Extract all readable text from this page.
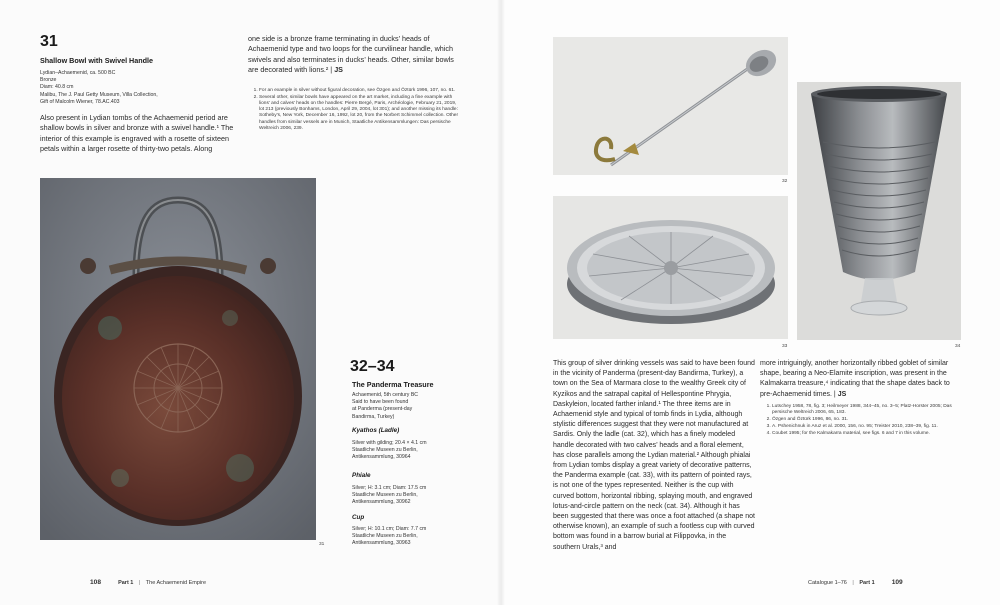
31
Shallow Bowl with Swivel Handle
Lydian–Achaemenid, ca. 500 BC
Bronze
Diam: 40.8 cm
Malibu, The J. Paul Getty Museum, Villa Collection,
Gift of Malcolm Wiener, 78.AC.403
Also present in Lydian tombs of the Achaemenid period are shallow bowls in silver and bronze with a swivel handle.¹ The interior of this example is engraved with a rosette of sixteen petals within a larger rosette of thirty-two petals. Along
one side is a bronze frame terminating in ducks’ heads of Achaemenid type and two loops for the curvilinear handle, which swivels and also terminates in ducks’ heads. Other, similar bowls are decorated with lions.² | JS
1. For an example in silver without figural decoration, see Özgen and Öztürk 1996, 107, no. 61.
2. Several other, similar bowls have appeared on the art market, including a fine example with lions’ and calves’ heads on the handles: Pierre Bergé, Paris, Archéologie, February 21, 2019, lot 213 (previously Bonhams, London, April 29, 2004, lot 301); and another missing its handle: Sotheby’s, New York, December 16, 1992, lot 20, from the Norbert Schimmel collection. Other handles from similar vessels are in Munich, Staatliche Antikensammlungen: Das persische Weltreich 2006, 239.
31
32–34
The Panderma Treasure
Achaemenid, 5th century BC
Said to have been found
at Panderma (present-day
Bandirma, Turkey)
Kyathos (Ladle)
Silver with gilding; 20.4 × 4.1 cm
Staatliche Museen zu Berlin,
Antikensammlung, 30964
Phiale
Silver; H: 3.1 cm; Diam: 17.5 cm
Staatliche Museen zu Berlin,
Antikensammlung, 30962
Cup
Silver; H: 10.1 cm; Diam: 7.7 cm
Staatliche Museen zu Berlin,
Antikensammlung, 30963
108	Part 1 | The Achaemenid Empire
32
33	34
This group of silver drinking vessels was said to have been found in the vicinity of Panderma (present-day Bandirma, Turkey), a town on the Sea of Marmara close to the wealthy Greek city of Kyzikos and the satrapal capital of Hellespontine Phrygia, Daskyleion, located farther inland.¹ The three items are in Achaemenid style and typical of tomb finds in Lydia, although stylistic differences suggest that they were not manufactured at Sardis. Only the ladle (cat. 32), which has a finely modeled handle decorated with two calves’ heads and a floral element, has close parallels among the Lydian material.² Although phialai from Lydian tombs display a great variety of decorative patterns, the Panderma example (cat. 33), with its pattern of pointed rays, is not one of the types represented. Neither is the cup with curved bottom, horizontal ribbing, splaying mouth, and engraved lotus-and-circle pattern on the neck (cat. 34). Although it has been suggested that there was once a foot attached (a shape not otherwise known), an example of such a footless cup with curved bottom was found in a barrow burial at Filippovka, in the southern Urals,³ and
more intriguingly, another horizontally ribbed goblet of similar shape, bearing a Neo-Elamite inscription, was present in the Kalmakarra treasure,⁴ indicating that the shape dates back to pre-Achaemenid times. | JS
1. Lutschey 1958, 78, fig. 3; Heilmeyer 1988, 344–45, no. 3–5; Platz-Horster 2005; Das persische Weltreich 2006, 65, 183.
2. Özgen and Öztürk 1996, 86, no. 31.
3. A. Pshenichnuk in Aruz et al. 2000, 156, no. 95; Treister 2010, 238–39, fig. 11.
4. Coubet 1995; for the Kalmakarra material, see figs. 6 and 7 in this volume.
Catalogue 1–76 | Part 1	109
